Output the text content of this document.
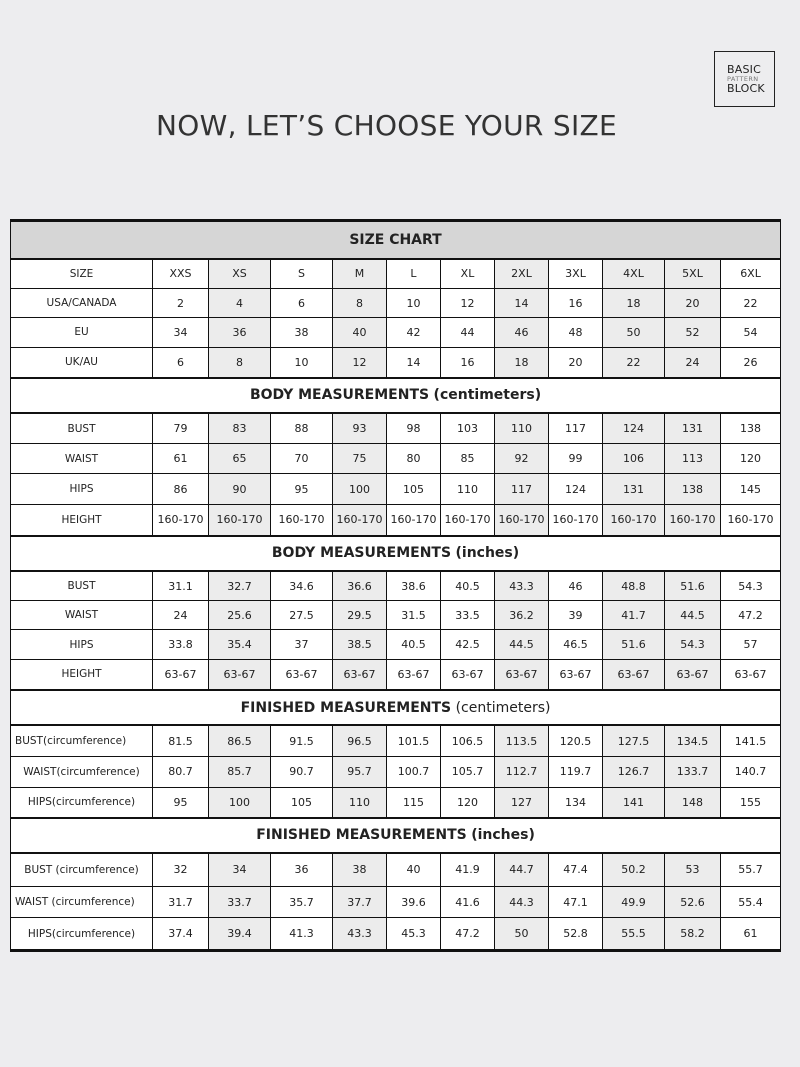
BASIC
PATTERN
BLOCK
NOW, LET’S CHOOSE YOUR SIZE
SIZE CHART											
SIZE	XXS	XS	S	M	L	XL	2XL	3XL	4XL	5XL	6XL
USA/CANADA	2	4	6	8	10	12	14	16	18	20	22
EU	34	36	38	40	42	44	46	48	50	52	54
UK/AU	6	8	10	12	14	16	18	20	22	24	26
BODY MEASUREMENTS (centimeters)											
BUST	79	83	88	93	98	103	110	117	124	131	138
WAIST	61	65	70	75	80	85	92	99	106	113	120
HIPS	86	90	95	100	105	110	117	124	131	138	145
HEIGHT	160-170	160-170	160-170	160-170	160-170	160-170	160-170	160-170	160-170	160-170	160-170
BODY MEASUREMENTS (inches)											
BUST	31.1	32.7	34.6	36.6	38.6	40.5	43.3	46	48.8	51.6	54.3
WAIST	24	25.6	27.5	29.5	31.5	33.5	36.2	39	41.7	44.5	47.2
HIPS	33.8	35.4	37	38.5	40.5	42.5	44.5	46.5	51.6	54.3	57
HEIGHT	63-67	63-67	63-67	63-67	63-67	63-67	63-67	63-67	63-67	63-67	63-67
FINISHED MEASUREMENTS (centimeters)											
BUST(circumference)	81.5	86.5	91.5	96.5	101.5	106.5	113.5	120.5	127.5	134.5	141.5
WAIST(circumference)	80.7	85.7	90.7	95.7	100.7	105.7	112.7	119.7	126.7	133.7	140.7
HIPS(circumference)	95	100	105	110	115	120	127	134	141	148	155
FINISHED MEASUREMENTS (inches)											
BUST (circumference)	32	34	36	38	40	41.9	44.7	47.4	50.2	53	55.7
WAIST (circumference)	31.7	33.7	35.7	37.7	39.6	41.6	44.3	47.1	49.9	52.6	55.4
HIPS(circumference)	37.4	39.4	41.3	43.3	45.3	47.2	50	52.8	55.5	58.2	61
